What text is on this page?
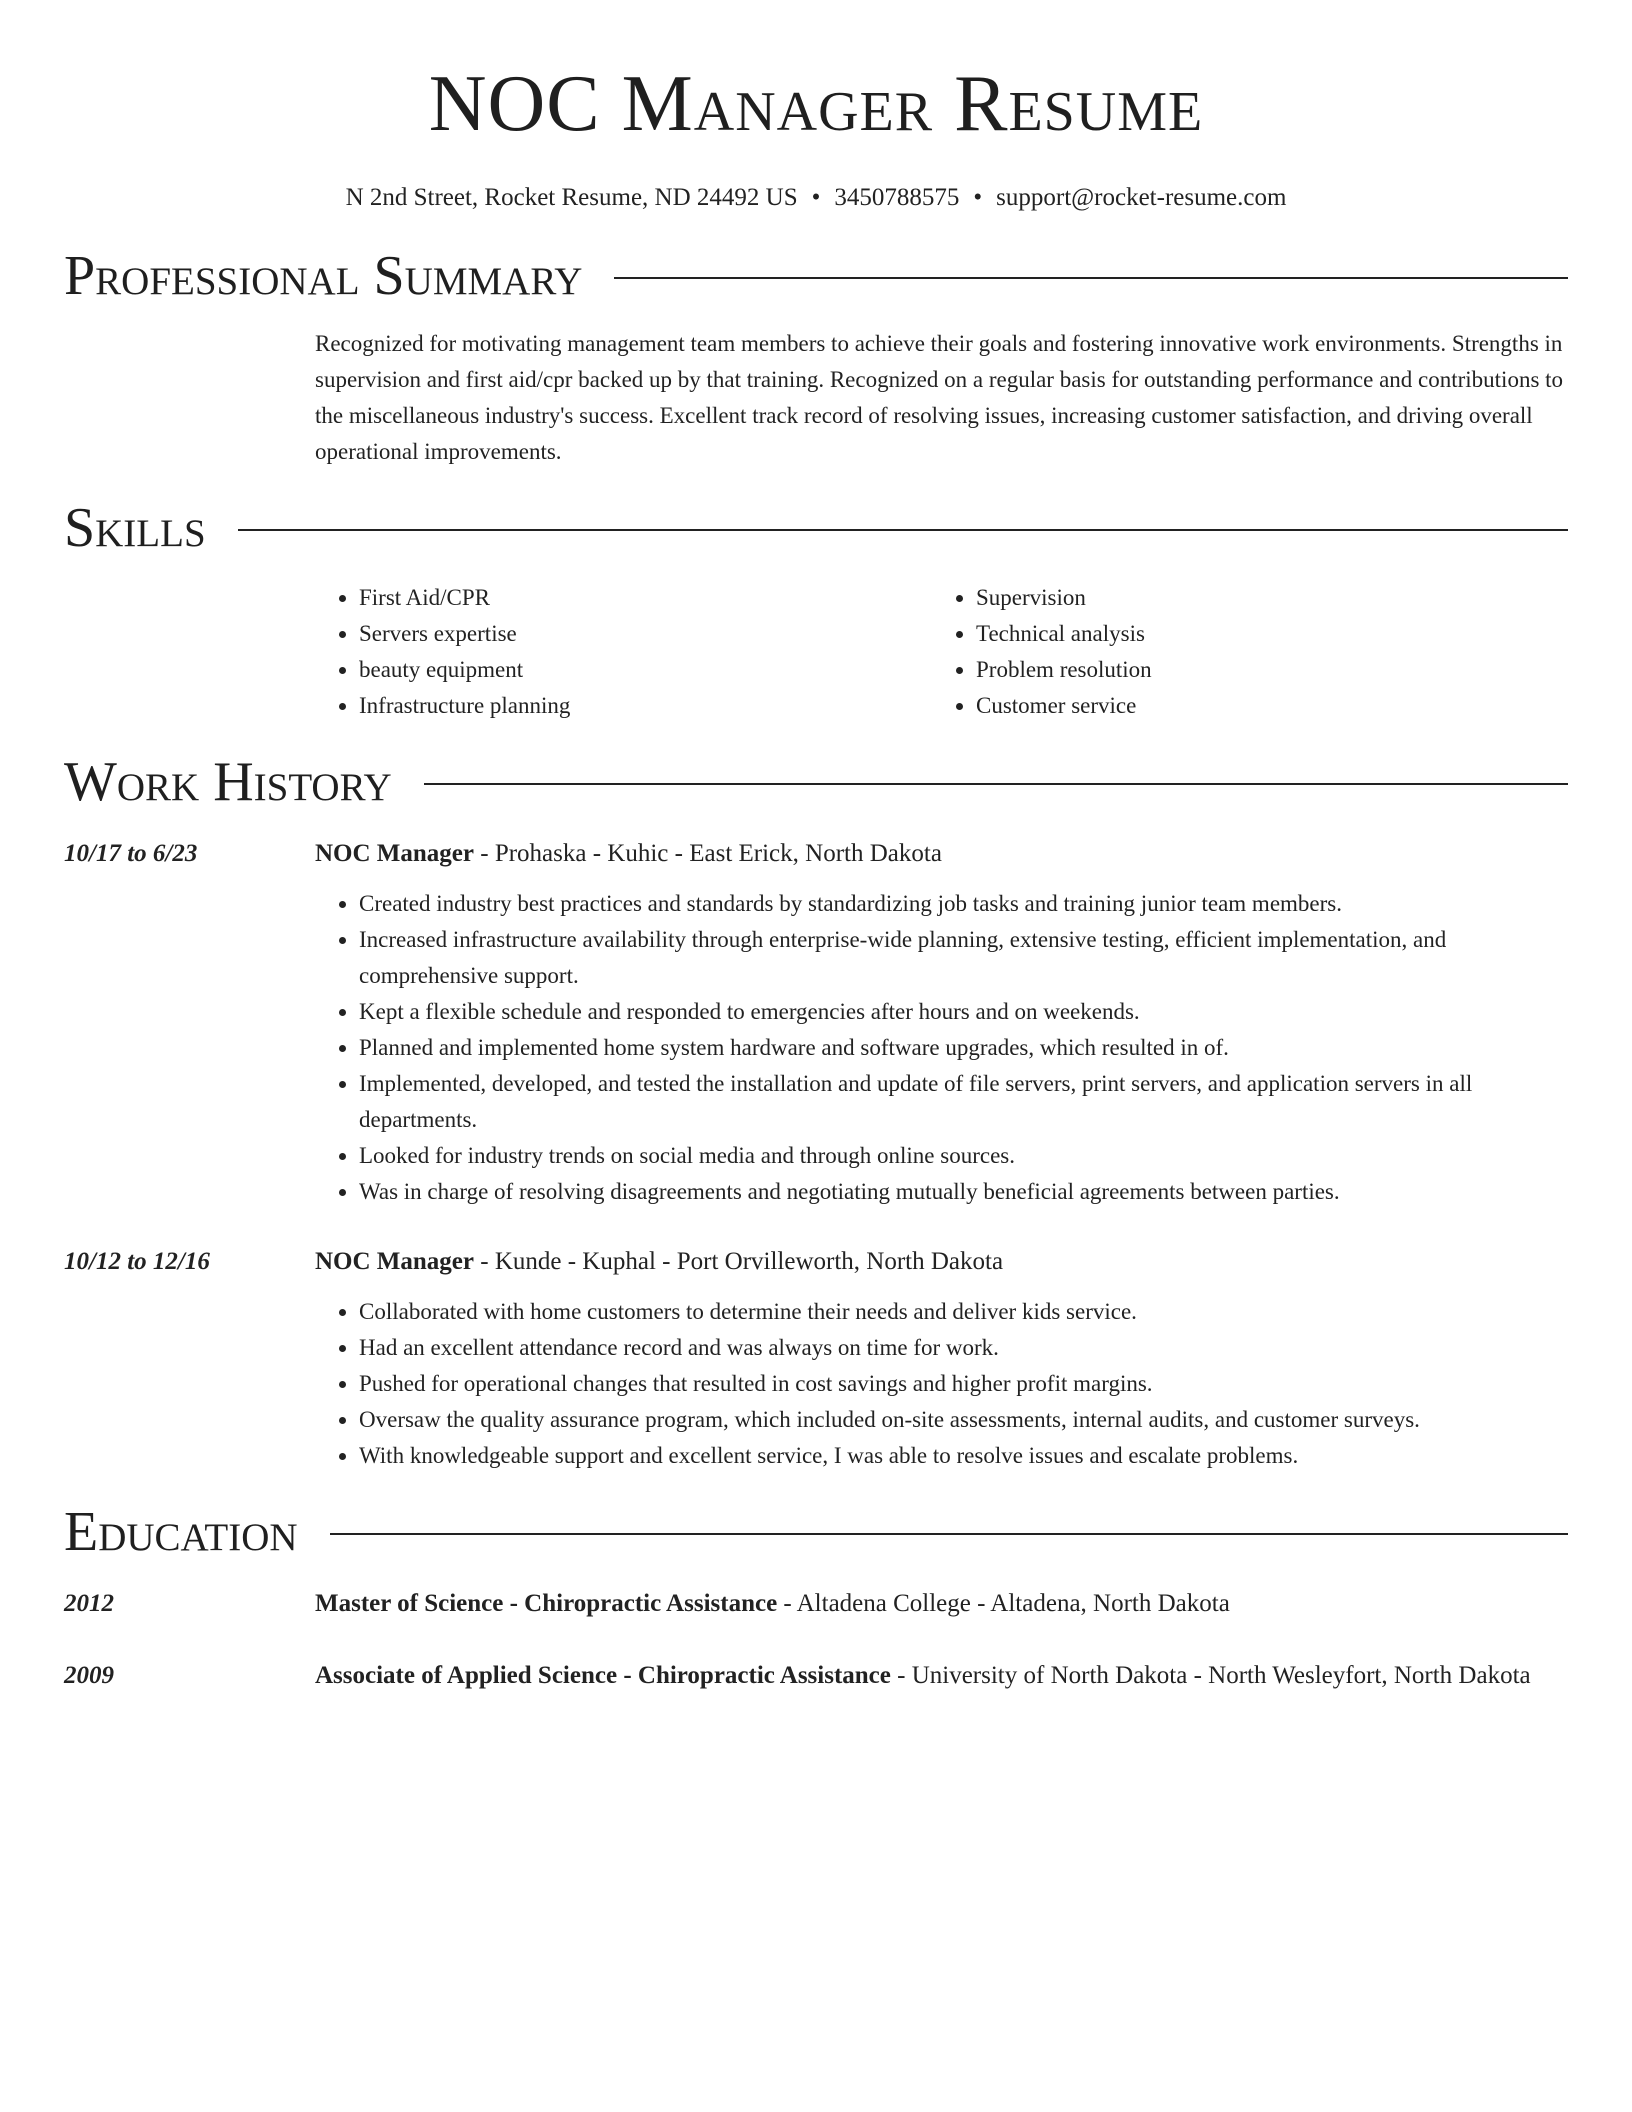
NOC Manager Resume
N 2nd Street, Rocket Resume, ND 24492 US • 3450788575 • support@rocket-resume.com
Professional Summary
Recognized for motivating management team members to achieve their goals and fostering innovative work environments. Strengths in supervision and first aid/cpr backed up by that training. Recognized on a regular basis for outstanding performance and contributions to the miscellaneous industry's success. Excellent track record of resolving issues, increasing customer satisfaction, and driving overall operational improvements.
Skills
• First Aid/CPR
• Servers expertise
• beauty equipment
• Infrastructure planning
• Supervision
• Technical analysis
• Problem resolution
• Customer service
Work History
10/17 to 6/23	NOC Manager - Prohaska - Kuhic - East Erick, North Dakota
• Created industry best practices and standards by standardizing job tasks and training junior team members.
• Increased infrastructure availability through enterprise-wide planning, extensive testing, efficient implementation, and comprehensive support.
• Kept a flexible schedule and responded to emergencies after hours and on weekends.
• Planned and implemented home system hardware and software upgrades, which resulted in of.
• Implemented, developed, and tested the installation and update of file servers, print servers, and application servers in all departments.
• Looked for industry trends on social media and through online sources.
• Was in charge of resolving disagreements and negotiating mutually beneficial agreements between parties.
10/12 to 12/16	NOC Manager - Kunde - Kuphal - Port Orvilleworth, North Dakota
• Collaborated with home customers to determine their needs and deliver kids service.
• Had an excellent attendance record and was always on time for work.
• Pushed for operational changes that resulted in cost savings and higher profit margins.
• Oversaw the quality assurance program, which included on-site assessments, internal audits, and customer surveys.
• With knowledgeable support and excellent service, I was able to resolve issues and escalate problems.
Education
2012	Master of Science - Chiropractic Assistance - Altadena College - Altadena, North Dakota
2009	Associate of Applied Science - Chiropractic Assistance - University of North Dakota - North Wesleyfort, North Dakota
